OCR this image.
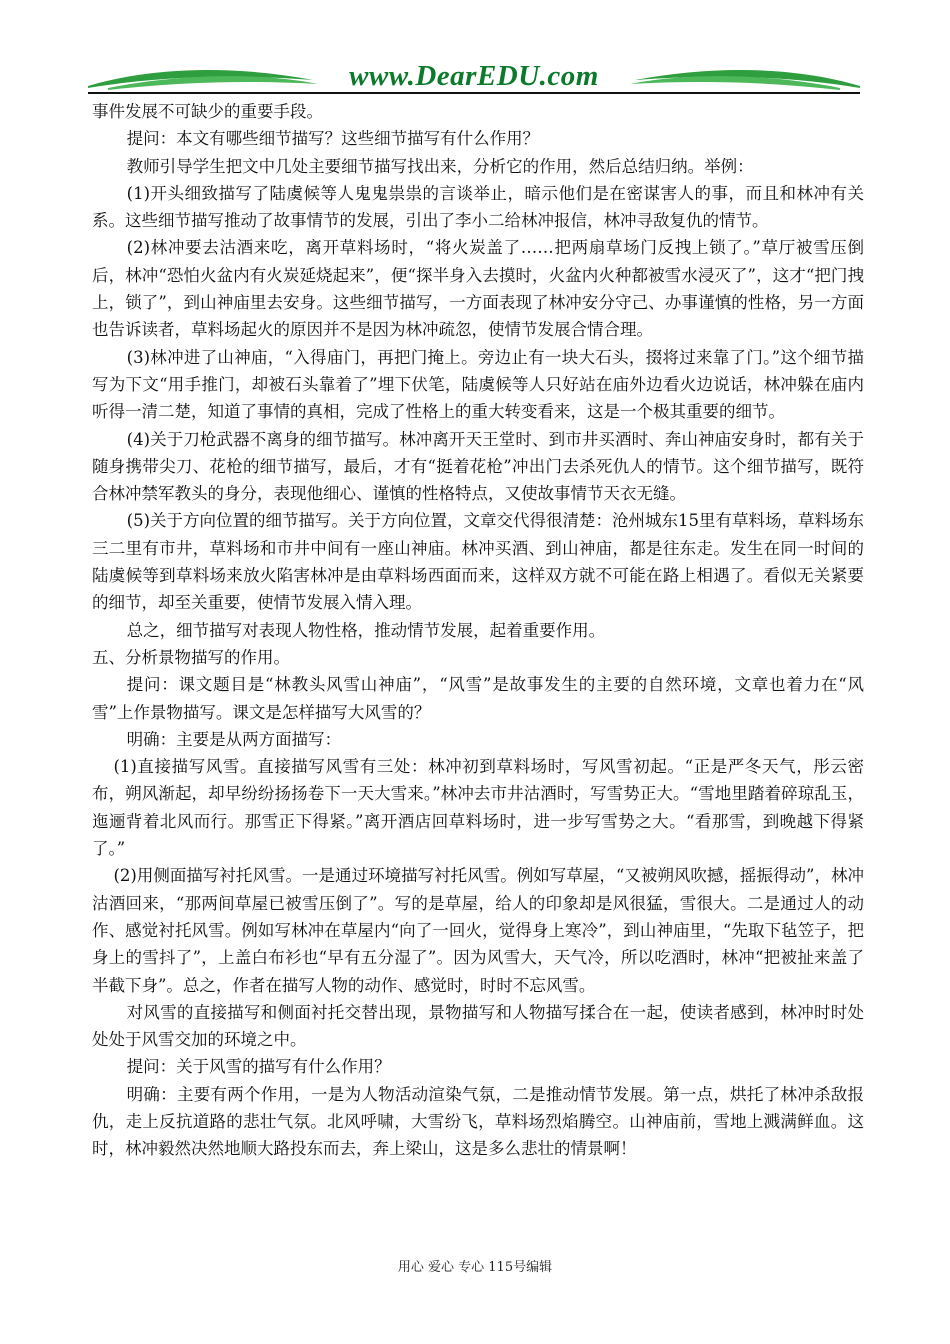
www.DearEDU.com

事件发展不可缺少的重要手段。

提问：本文有哪些细节描写？这些细节描写有什么作用？

教师引导学生把文中几处主要细节描写找出来，分析它的作用，然后总结归纳。举例：

(1)开头细致描写了陆虞候等人鬼鬼祟祟的言谈举止，暗示他们是在密谋害人的事，而且和林冲有关系。这些细节描写推动了故事情节的发展，引出了李小二给林冲报信，林冲寻敌复仇的情节。

(2)林冲要去沽酒来吃，离开草料场时，“将火炭盖了……把两扇草场门反拽上锁了。”草厅被雪压倒后，林冲“恐怕火盆内有火炭延烧起来”，便“探半身入去摸时，火盆内火种都被雪水浸灭了”，这才“把门拽上，锁了”，到山神庙里去安身。这些细节描写，一方面表现了林冲安分守己、办事谨慎的性格，另一方面也告诉读者，草料场起火的原因并不是因为林冲疏忽，使情节发展合情合理。

(3)林冲进了山神庙，“入得庙门，再把门掩上。旁边止有一块大石头，掇将过来靠了门。”这个细节描写为下文“用手推门，却被石头靠着了”埋下伏笔，陆虞候等人只好站在庙外边看火边说话，林冲躲在庙内听得一清二楚，知道了事情的真相，完成了性格上的重大转变看来，这是一个极其重要的细节。

(4)关于刀枪武器不离身的细节描写。林冲离开天王堂时、到市井买酒时、奔山神庙安身时，都有关于随身携带尖刀、花枪的细节描写，最后，才有“挺着花枪”冲出门去杀死仇人的情节。这个细节描写，既符合林冲禁军教头的身分，表现他细心、谨慎的性格特点，又使故事情节天衣无缝。

(5)关于方向位置的细节描写。关于方向位置，文章交代得很清楚：沧州城东15里有草料场，草料场东三二里有市井，草料场和市井中间有一座山神庙。林冲买酒、到山神庙，都是往东走。发生在同一时间的陆虞候等到草料场来放火陷害林冲是由草料场西面而来，这样双方就不可能在路上相遇了。看似无关紧要的细节，却至关重要，使情节发展入情入理。

总之，细节描写对表现人物性格，推动情节发展，起着重要作用。

五、分析景物描写的作用。

提问：课文题目是“林教头风雪山神庙”，“风雪”是故事发生的主要的自然环境，文章也着力在“风雪”上作景物描写。课文是怎样描写大风雪的？

明确：主要是从两方面描写：

(1)直接描写风雪。直接描写风雪有三处：林冲初到草料场时，写风雪初起。“正是严冬天气，彤云密布，朔风渐起，却早纷纷扬扬卷下一天大雪来。”林冲去市井沽酒时，写雪势正大。“雪地里踏着碎琼乱玉，迤逦背着北风而行。那雪正下得紧。”离开酒店回草料场时，进一步写雪势之大。“看那雪，到晚越下得紧了。”

(2)用侧面描写衬托风雪。一是通过环境描写衬托风雪。例如写草屋，“又被朔风吹撼，摇振得动”，林冲沽酒回来，“那两间草屋已被雪压倒了”。写的是草屋，给人的印象却是风很猛，雪很大。二是通过人的动作、感觉衬托风雪。例如写林冲在草屋内“向了一回火，觉得身上寒冷”，到山神庙里，“先取下毡笠子，把身上的雪抖了”，上盖白布衫也“早有五分湿了”。因为风雪大，天气冷，所以吃酒时，林冲“把被扯来盖了半截下身”。总之，作者在描写人物的动作、感觉时，时时不忘风雪。

对风雪的直接描写和侧面衬托交替出现，景物描写和人物描写揉合在一起，使读者感到，林冲时时处处处于风雪交加的环境之中。

提问：关于风雪的描写有什么作用？

明确：主要有两个作用，一是为人物活动渲染气氛，二是推动情节发展。第一点，烘托了林冲杀敌报仇，走上反抗道路的悲壮气氛。北风呼啸，大雪纷飞，草料场烈焰腾空。山神庙前，雪地上溅满鲜血。这时，林冲毅然决然地顺大路投东而去，奔上梁山，这是多么悲壮的情景啊！

用心 爱心 专心 115号编辑
